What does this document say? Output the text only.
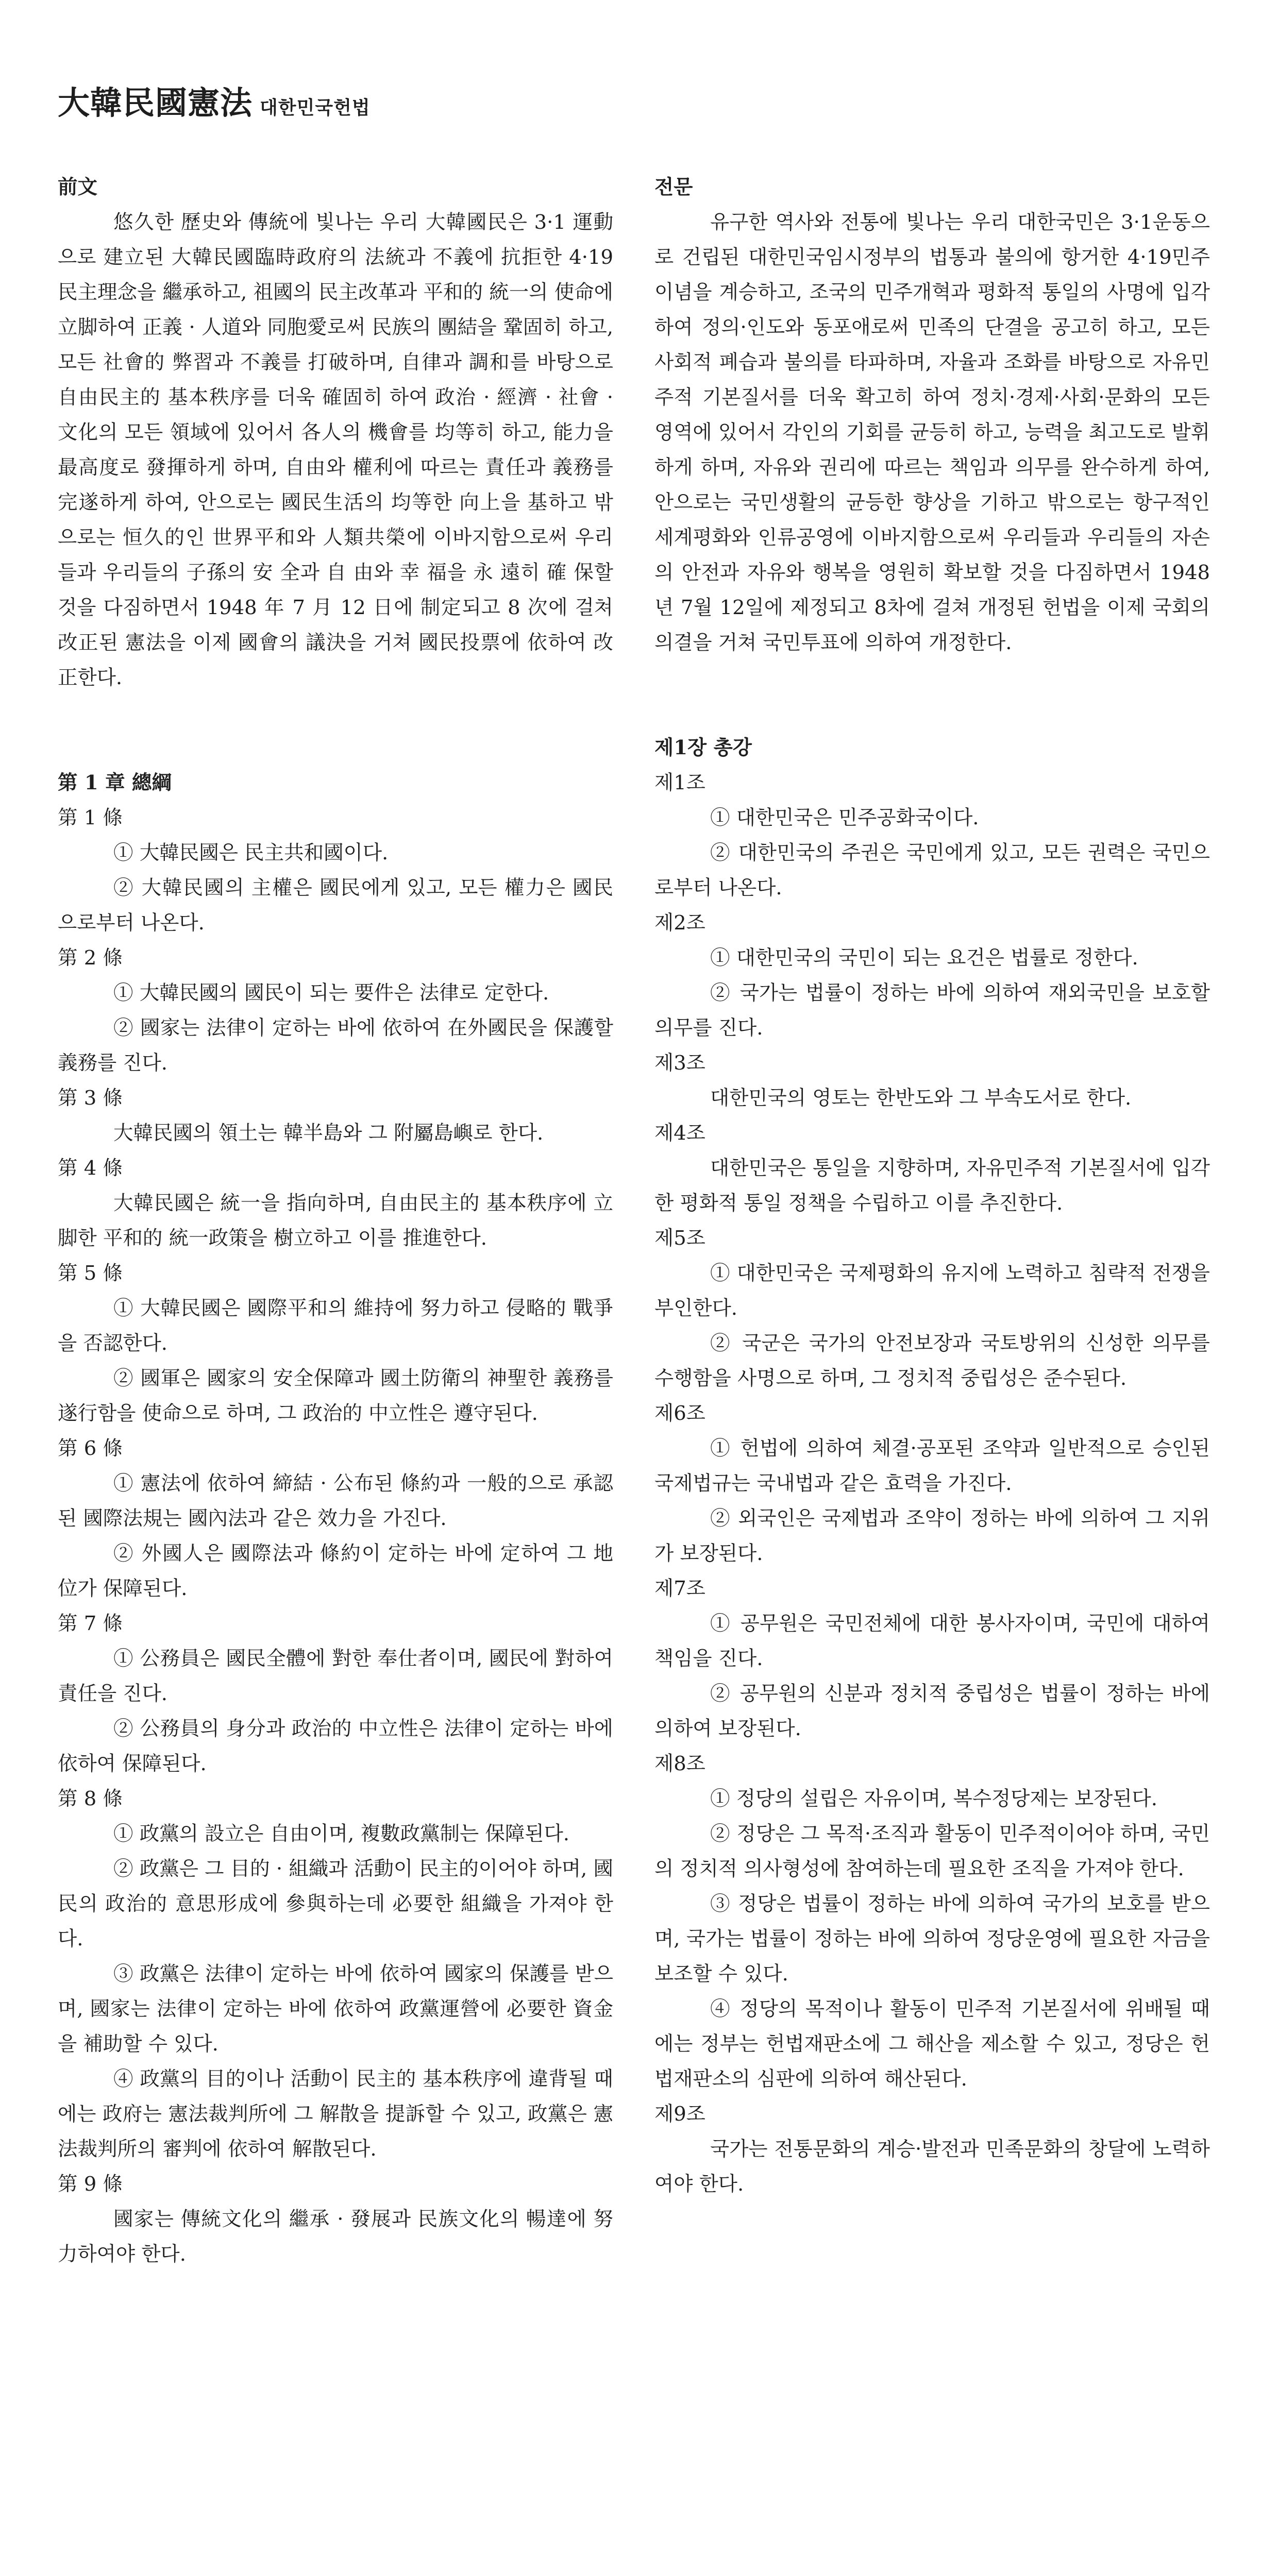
大韓民國憲法 대한민국헌법
前文

悠久한 歷史와 傳統에 빛나는 우리 大韓國民은 3·1 運動으로 建立된 大韓民國臨時政府의 法統과 不義에 抗拒한 4·19 民主理念을 繼承하고, 祖國의 民主改革과 平和的 統一의 使命에 立脚하여 正義 · 人道와 同胞愛로써 民族의 團結을 鞏固히 하고, 모든 社會的 弊習과 不義를 打破하며, 自律과 調和를 바탕으로 自由民主的 基本秩序를 더욱 確固히 하여 政治 · 經濟 · 社會 · 文化의 모든 領域에 있어서 各人의 機會를 均等히 하고, 能力을 最高度로 發揮하게 하며, 自由와 權利에 따르는 責任과 義務를 完遂하게 하여, 안으로는 國民生活의 均等한 向上을 基하고 밖으로는 恒久的인 世界平和와 人類共榮에 이바지함으로써 우리들과 우리들의 子孫의 安 全과 自 由와 幸 福을 永 遠히 確 保할 것을 다짐하면서 1948 年 7 月 12 日에 制定되고 8 次에 걸쳐 改正된 憲法을 이제 國會의 議決을 거쳐 國民投票에 依하여 改正한다.

第 1 章 總綱
第 1 條

① 大韓民國은 民主共和國이다.

② 大韓民國의 主權은 國民에게 있고, 모든 權力은 國民으로부터 나온다.

第 2 條

① 大韓民國의 國民이 되는 要件은 法律로 定한다.

② 國家는 法律이 定하는 바에 依하여 在外國民을 保護할 義務를 진다.

第 3 條

大韓民國의 領土는 韓半島와 그 附屬島嶼로 한다.

第 4 條

大韓民國은 統一을 指向하며, 自由民主的 基本秩序에 立脚한 平和的 統一政策을 樹立하고 이를 推進한다.

第 5 條

① 大韓民國은 國際平和의 維持에 努力하고 侵略的 戰爭을 否認한다.

② 國軍은 國家의 安全保障과 國土防衛의 神聖한 義務를 遂行함을 使命으로 하며, 그 政治的 中立性은 遵守된다.

第 6 條

① 憲法에 依하여 締結 · 公布된 條約과 一般的으로 承認된 國際法規는 國內法과 같은 效力을 가진다.

② 外國人은 國際法과 條約이 定하는 바에 定하여 그 地位가 保障된다.

第 7 條

① 公務員은 國民全體에 對한 奉仕者이며, 國民에 對하여 責任을 진다.

② 公務員의 身分과 政治的 中立性은 法律이 定하는 바에 依하여 保障된다.

第 8 條

① 政黨의 設立은 自由이며, 複數政黨制는 保障된다.

② 政黨은 그 目的 · 組織과 活動이 民主的이어야 하며, 國民의 政治的 意思形成에 參與하는데 必要한 組織을 가져야 한다.

③ 政黨은 法律이 定하는 바에 依하여 國家의 保護를 받으며, 國家는 法律이 定하는 바에 依하여 政黨運營에 必要한 資金을 補助할 수 있다.

④ 政黨의 目的이나 活動이 民主的 基本秩序에 違背될 때에는 政府는 憲法裁判所에 그 解散을 提訴할 수 있고, 政黨은 憲法裁判所의 審判에 依하여 解散된다.

第 9 條

國家는 傳統文化의 繼承 · 發展과 民族文化의 暢達에 努力하여야 한다.

전문

유구한 역사와 전통에 빛나는 우리 대한국민은 3·1운동으로 건립된 대한민국임시정부의 법통과 불의에 항거한 4·19민주이념을 계승하고, 조국의 민주개혁과 평화적 통일의 사명에 입각하여 정의·인도와 동포애로써 민족의 단결을 공고히 하고, 모든 사회적 폐습과 불의를 타파하며, 자율과 조화를 바탕으로 자유민주적 기본질서를 더욱 확고히 하여 정치·경제·사회·문화의 모든 영역에 있어서 각인의 기회를 균등히 하고, 능력을 최고도로 발휘하게 하며, 자유와 권리에 따르는 책임과 의무를 완수하게 하여, 안으로는 국민생활의 균등한 향상을 기하고 밖으로는 항구적인 세계평화와 인류공영에 이바지함으로써 우리들과 우리들의 자손의 안전과 자유와 행복을 영원히 확보할 것을 다짐하면서 1948년 7월 12일에 제정되고 8차에 걸쳐 개정된 헌법을 이제 국회의 의결을 거쳐 국민투표에 의하여 개정한다.

제1장 총강
제1조

① 대한민국은 민주공화국이다.

② 대한민국의 주권은 국민에게 있고, 모든 권력은 국민으로부터 나온다.

제2조

① 대한민국의 국민이 되는 요건은 법률로 정한다.

② 국가는 법률이 정하는 바에 의하여 재외국민을 보호할 의무를 진다.

제3조

대한민국의 영토는 한반도와 그 부속도서로 한다.

제4조

대한민국은 통일을 지향하며, 자유민주적 기본질서에 입각한 평화적 통일 정책을 수립하고 이를 추진한다.

제5조

① 대한민국은 국제평화의 유지에 노력하고 침략적 전쟁을 부인한다.

② 국군은 국가의 안전보장과 국토방위의 신성한 의무를 수행함을 사명으로 하며, 그 정치적 중립성은 준수된다.

제6조

① 헌법에 의하여 체결·공포된 조약과 일반적으로 승인된 국제법규는 국내법과 같은 효력을 가진다.

② 외국인은 국제법과 조약이 정하는 바에 의하여 그 지위가 보장된다.

제7조

① 공무원은 국민전체에 대한 봉사자이며, 국민에 대하여 책임을 진다.

② 공무원의 신분과 정치적 중립성은 법률이 정하는 바에 의하여 보장된다.

제8조

① 정당의 설립은 자유이며, 복수정당제는 보장된다.

② 정당은 그 목적·조직과 활동이 민주적이어야 하며, 국민의 정치적 의사형성에 참여하는데 필요한 조직을 가져야 한다.

③ 정당은 법률이 정하는 바에 의하여 국가의 보호를 받으며, 국가는 법률이 정하는 바에 의하여 정당운영에 필요한 자금을 보조할 수 있다.

④ 정당의 목적이나 활동이 민주적 기본질서에 위배될 때에는 정부는 헌법재판소에 그 해산을 제소할 수 있고, 정당은 헌법재판소의 심판에 의하여 해산된다.

제9조

국가는 전통문화의 계승·발전과 민족문화의 창달에 노력하여야 한다.
